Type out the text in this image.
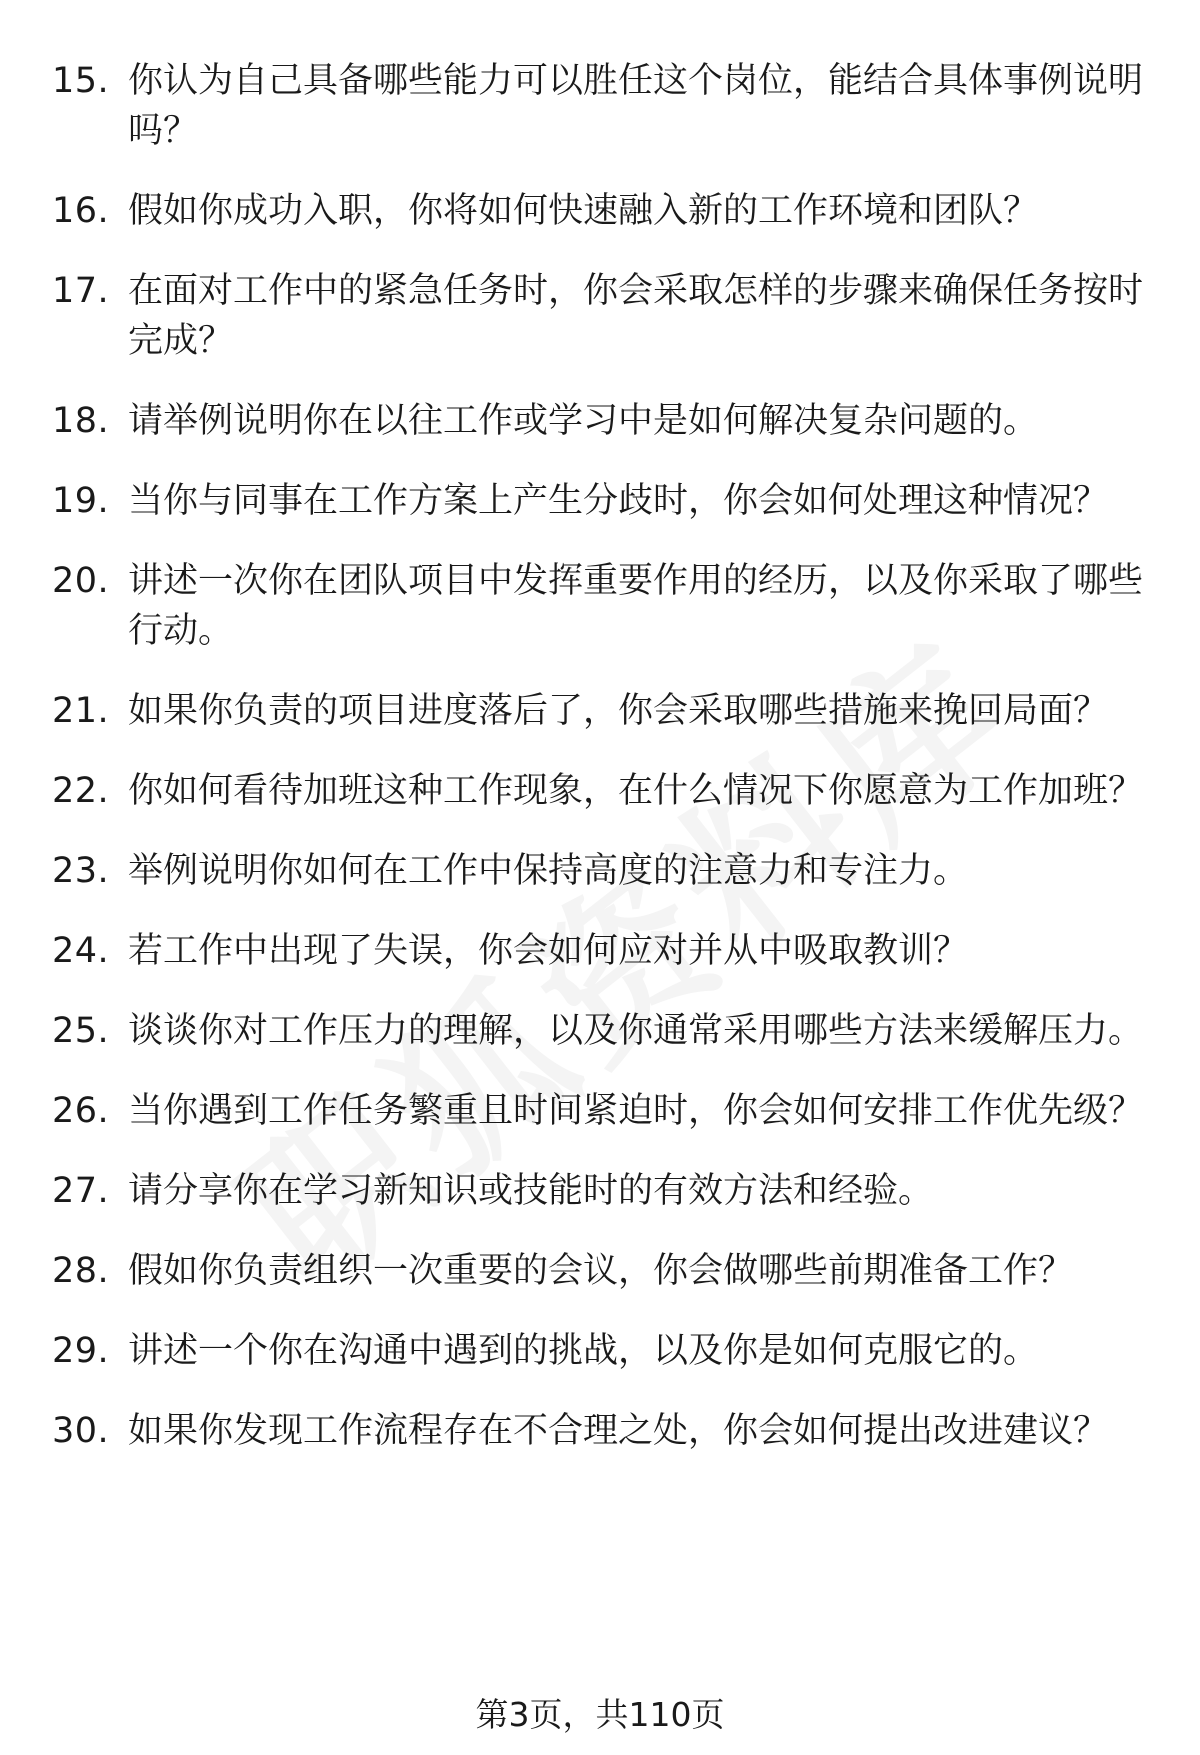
15. 你认为自己具备哪些能力可以胜任这个岗位，能结合具体事例说明吗？
16. 假如你成功入职，你将如何快速融入新的工作环境和团队？
17. 在面对工作中的紧急任务时，你会采取怎样的步骤来确保任务按时完成？
18. 请举例说明你在以往工作或学习中是如何解决复杂问题的。
19. 当你与同事在工作方案上产生分歧时，你会如何处理这种情况？
20. 讲述一次你在团队项目中发挥重要作用的经历，以及你采取了哪些行动。
21. 如果你负责的项目进度落后了，你会采取哪些措施来挽回局面？
22. 你如何看待加班这种工作现象，在什么情况下你愿意为工作加班？
23. 举例说明你如何在工作中保持高度的注意力和专注力。
24. 若工作中出现了失误，你会如何应对并从中吸取教训？
25. 谈谈你对工作压力的理解，以及你通常采用哪些方法来缓解压力。
26. 当你遇到工作任务繁重且时间紧迫时，你会如何安排工作优先级？
27. 请分享你在学习新知识或技能时的有效方法和经验。
28. 假如你负责组织一次重要的会议，你会做哪些前期准备工作？
29. 讲述一个你在沟通中遇到的挑战，以及你是如何克服它的。
30. 如果你发现工作流程存在不合理之处，你会如何提出改进建议？
第3页，共110页
